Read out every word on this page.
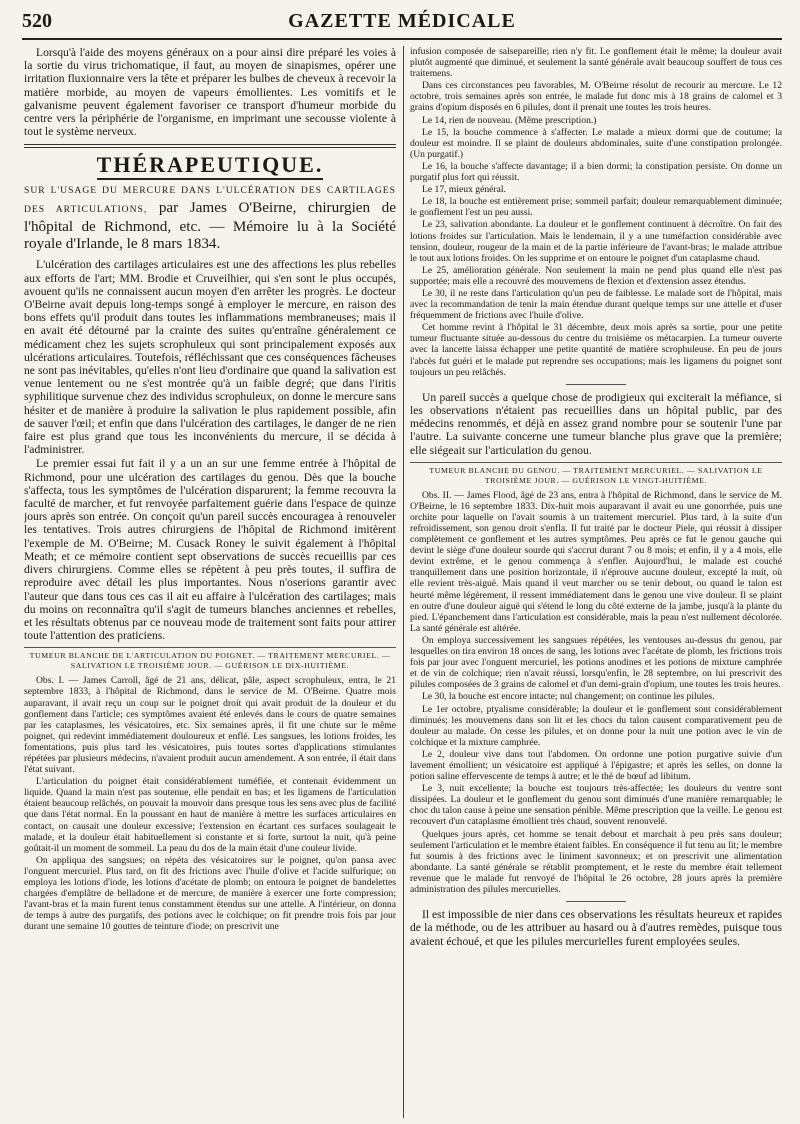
520	GAZETTE MÉDICALE

Lorsqu'à l'aide des moyens généraux on a pour ainsi dire préparé les voies à la sortie du virus trichomatique, il faut, au moyen de sinapismes, opérer une irritation fluxionnaire vers la tête et préparer les bulbes de cheveux à recevoir la matière morbide, au moyen de vapeurs émollientes. Les vomitifs et le galvanisme peuvent également favoriser ce transport d'humeur morbide du centre vers la périphérie de l'organisme, en imprimant une secousse violente à tout le système nerveux.

THÉRAPEUTIQUE.

SUR L'USAGE DU MERCURE DANS L'ULCÉRATION DES CARTILAGES DES ARTICULATIONS, par James O'Beirne, chirurgien de l'hôpital de Richmond, etc. — Mémoire lu à la Société royale d'Irlande, le 8 mars 1834.

L'ulcération des cartilages articulaires est une des affections les plus rebelles aux efforts de l'art; MM. Brodie et Cruveilhier, qui s'en sont le plus occupés, avouent qu'ils ne connaissent aucun moyen d'en arrêter les progrès. Le docteur O'Beirne avait depuis long-temps songé à employer le mercure, en raison des bons effets qu'il produit dans toutes les inflammations membraneuses; mais il en avait été détourné par la crainte des suites qu'entraîne généralement ce médicament chez les sujets scrophuleux qui sont principalement exposés aux ulcérations articulaires. Toutefois, réfléchissant que ces conséquences fâcheuses ne sont pas inévitables, qu'elles n'ont lieu d'ordinaire que quand la salivation est venue lentement ou ne s'est montrée qu'à un faible degré; que dans l'iritis syphilitique survenue chez des individus scrophuleux, on donne le mercure sans hésiter et de manière à produire la salivation le plus rapidement possible, afin de sauver l'œil; et enfin que dans l'ulcération des cartilages, le danger de ne rien faire est plus grand que tous les inconvénients du mercure, il se décida à l'administrer.

Le premier essai fut fait il y a un an sur une femme entrée à l'hôpital de Richmond, pour une ulcération des cartilages du genou. Dès que la bouche s'affecta, tous les symptômes de l'ulcération disparurent; la femme recouvra la faculté de marcher, et fut renvoyée parfaitement guérie dans l'espace de quinze jours après son entrée. On conçoit qu'un pareil succès encouragea à renouveler les tentatives. Trois autres chirurgiens de l'hôpital de Richmond imitèrent l'exemple de M. O'Beirne; M. Cusack Roney le suivit également à l'hôpital Meath; et ce mémoire contient sept observations de succès recueillis par ces divers chirurgiens. Comme elles se répètent à peu près toutes, il suffira de reproduire avec détail les plus importantes. Nous n'oserions garantir avec l'auteur que dans tous ces cas il ait eu affaire à l'ulcération des cartilages; mais du moins on reconnaîtra qu'il s'agit de tumeurs blanches anciennes et rebelles, et les résultats obtenus par ce nouveau mode de traitement sont faits pour attirer toute l'attention des praticiens.

TUMEUR BLANCHE DE L'ARTICULATION DU POIGNET. — TRAITEMENT MERCURIEL. — SALIVATION LE TROISIÈME JOUR. — GUÉRISON LE DIX-HUITIÈME.

Obs. I. — James Carroll, âgé de 21 ans, délicat, pâle, aspect scrophuleux, entra, le 21 septembre 1833, à l'hôpital de Richmond, dans le service de M. O'Beirne. Quatre mois auparavant, il avait reçu un coup sur le poignet droit qui avait produit de la douleur et du gonflement dans l'article; ces symptômes avaient été enlevés dans le cours de quatre semaines par les cataplasmes, les vésicatoires, etc. Six semaines après, il fit une chute sur le même poignet, qui redevint immédiatement douloureux et enflé. Les sangsues, les lotions froides, les fomentations, puis plus tard les vésicatoires, puis toutes sortes d'applications stimulantes répétées par plusieurs médecins, n'avaient produit aucun amendement. A son entrée, il était dans l'état suivant.

L'articulation du poignet était considérablement tuméfiée, et contenait évidemment un liquide. Quand la main n'est pas soutenue, elle pendait en bas; et les ligamens de l'articulation étaient beaucoup relâchés, on pouvait la mouvoir dans presque tous les sens avec plus de facilité que dans l'état normal. En la poussant en haut de manière à mettre les surfaces articulaires en contact, on causait une douleur excessive; l'extension en écartant ces surfaces soulageait le malade, et la douleur était habituellement si constante et si forte, surtout la nuit, qu'à peine goûtait-il un moment de sommeil. La peau du dos de la main était d'une couleur livide.

On appliqua des sangsues; on répéta des vésicatoires sur le poignet, qu'on pansa avec l'onguent mercuriel. Plus tard, on fit des frictions avec l'huile d'olive et l'acide sulfurique; on employa les lotions d'iode, les lotions d'acétate de plomb; on entoura le poignet de bandelettes chargées d'emplâtre de belladone et de mercure, de manière à exercer une forte compression; l'avant-bras et la main furent tenus constamment étendus sur une attelle. A l'intérieur, on donna de temps à autre des purgatifs, des potions avec le colchique; on fit prendre trois fois par jour durant une semaine 10 gouttes de teinture d'iode; on prescrivit une

infusion composée de salsepareille; rien n'y fit. Le gonflement était le même; la douleur avait plutôt augmenté que diminué, et seulement la santé générale avait beaucoup souffert de tous ces traitemens.

Dans ces circonstances peu favorables, M. O'Beirne résolut de recourir au mercure. Le 12 octobre, trois semaines après son entrée, le malade fut donc mis à 18 grains de calomel et 3 grains d'opium disposés en 6 pilules, dont il prenait une toutes les trois heures.

Le 14, rien de nouveau. (Même prescription.)

Le 15, la bouche commence à s'affecter. Le malade a mieux dormi que de coutume; la douleur est moindre. Il se plaint de douleurs abdominales, suite d'une constipation prolongée. (Un purgatif.)

Le 16, la bouche s'affecte davantage; il a bien dormi; la constipation persiste. On donne un purgatif plus fort qui réussit.

Le 17, mieux général.

Le 18, la bouche est entièrement prise; sommeil parfait; douleur remarquablement diminuée; le gonflement l'est un peu aussi.

Le 23, salivation abondante. La douleur et le gonflement continuent à décroître. On fait des lotions froides sur l'articulation. Mais le lendemain, il y a une tuméfaction considérable avec tension, douleur, rougeur de la main et de la partie inférieure de l'avant-bras; le malade attribue le tout aux lotions froides. On les supprime et on entoure le poignet d'un cataplasme chaud.

Le 25, amélioration générale. Non seulement la main ne pend plus quand elle n'est pas supportée; mais elle a recouvré des mouvemens de flexion et d'extension assez étendus.

Le 30, il ne reste dans l'articulation qu'un peu de faiblesse. Le malade sort de l'hôpital, mais avec la recommandation de tenir la main étendue durant quelque temps sur une attelle et d'user fréquemment de frictions avec l'huile d'olive.

Cet homme revint à l'hôpital le 31 décembre, deux mois après sa sortie, pour une petite tumeur fluctuante située au-dessous du centre du troisième os métacarpien. La tumeur ouverte avec la lancette laissa échapper une petite quantité de matière scrophuleuse. En peu de jours l'abcès fut guéri et le malade put reprendre ses occupations; mais les ligamens du poignet sont toujours un peu relâchés.

Un pareil succès a quelque chose de prodigieux qui exciterait la méfiance, si les observations n'étaient pas recueillies dans un hôpital public, par des médecins renommés, et déjà en assez grand nombre pour se soutenir l'une par l'autre. La suivante concerne une tumeur blanche plus grave que la première; elle siégeait sur l'articulation du genou.

TUMEUR BLANCHE DU GENOU. — TRAITEMENT MERCURIEL. — SALIVATION LE TROISIÈME JOUR. — GUÉRISON LE VINGT-HUITIÈME.

Obs. II. — James Flood, âgé de 23 ans, entra à l'hôpital de Richmond, dans le service de M. O'Beirne, le 16 septembre 1833. Dix-huit mois auparavant il avait eu une gonorrhée, puis une orchite pour laquelle on l'avait soumis à un traitement mercuriel. Plus tard, à la suite d'un refroidissement, son genou droit s'enfla. Il fut traité par le docteur Piele, qui réussit à dissiper complètement ce gonflement et les autres symptômes. Peu après ce fut le genou gauche qui devint le siège d'une douleur sourde qui s'accrut durant 7 ou 8 mois; et enfin, il y a 4 mois, elle devint extrême, et le genou commença à s'enfler. Aujourd'hui, le malade est couché tranquillement dans une position horizontale, il n'éprouve aucune douleur, excepté la nuit, où elle revient très-aiguë. Mais quand il veut marcher ou se tenir debout, ou quand le talon est heurté même légèrement, il ressent immédiatement dans le genou une vive douleur. Il se plaint en outre d'une douleur aiguë qui s'étend le long du côté externe de la jambe, jusqu'à la plante du pied. L'épanchement dans l'articulation est considérable, mais la peau n'est nullement décolorée. La santé générale est altérée.

On employa successivement les sangsues répétées, les ventouses au-dessus du genou, par lesquelles on tira environ 18 onces de sang, les lotions avec l'acétate de plomb, les frictions trois fois par jour avec l'onguent mercuriel, les potions anodines et les potions de mixture camphrée et de vin de colchique; rien n'avait réussi, lorsqu'enfin, le 28 septembre, on lui prescrivit des pilules composées de 3 grains de calomel et d'un demi-grain d'opium, une toutes les trois heures.

Le 30, la bouche est encore intacte; nul changement; on continue les pilules.

Le 1er octobre, ptyalisme considérable; la douleur et le gonflement sont considérablement diminués; les mouvemens dans son lit et les chocs du talon causent comparativement peu de douleur au malade. On cesse les pilules, et on donne pour la nuit une potion avec le vin de colchique et la mixture camphrée.

Le 2, douleur vive dans tout l'abdomen. On ordonne une potion purgative suivie d'un lavement émollient; un vésicatoire est appliqué à l'épigastre; et après les selles, on donne la potion saline effervescente de temps à autre; et le thé de bœuf ad libitum.

Le 3, nuit excellente; la bouche est toujours très-affectée; les douleurs du ventre sont dissipées. La douleur et le gonflement du genou sont diminués d'une manière remarquable; le choc du talon cause à peine une sensation pénible. Même prescription que la veille. Le genou est recouvert d'un cataplasme émollient très chaud, souvent renouvelé.

Quelques jours après, cet homme se tenait debout et marchait à peu près sans douleur; seulement l'articulation et le membre étaient faibles. En conséquence il fut tenu au lit; le membre fut soumis à des frictions avec le liniment savonneux; et on prescrivit une alimentation abondante. La santé générale se rétablit promptement, et le reste du membre était tellement revenue que le malade fut renvoyé de l'hôpital le 26 octobre, 28 jours après la première administration des pilules mercurielles.

Il est impossible de nier dans ces observations les résultats heureux et rapides de la méthode, ou de les attribuer au hasard ou à d'autres remèdes, puisque tous avaient échoué, et que les pilules mercurielles furent employées seules.
